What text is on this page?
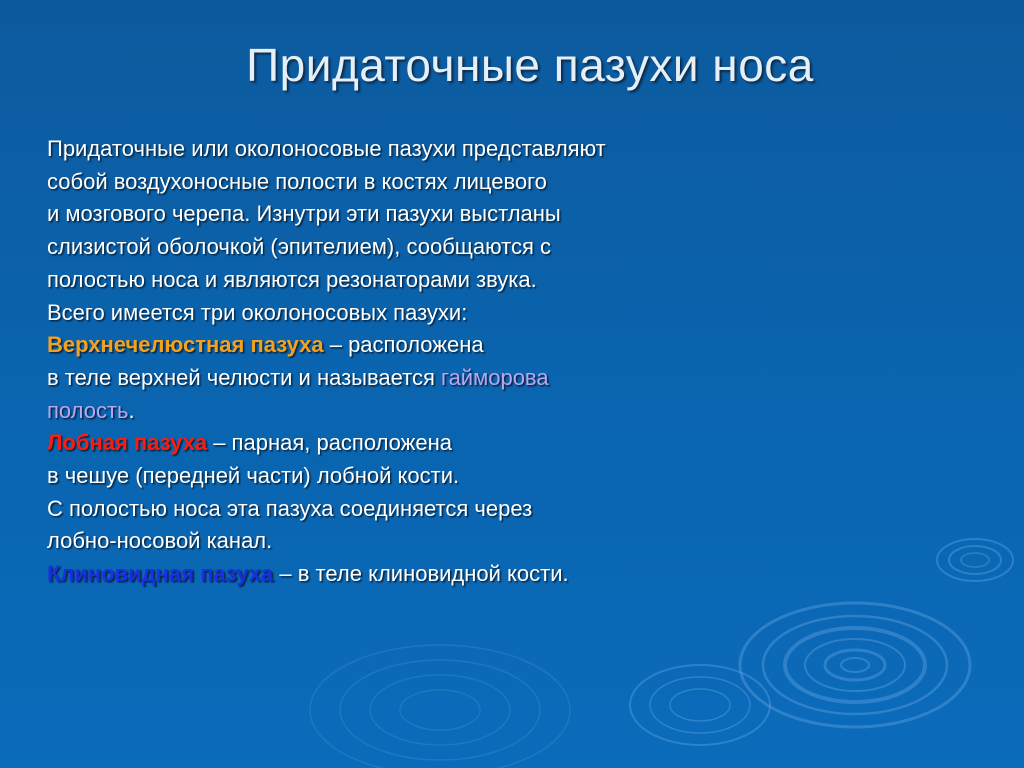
Придаточные пазухи носа
Придаточные или околоносовые пазухи представляют
собой воздухоносные полости в костях лицевого
и мозгового черепа. Изнутри эти пазухи выстланы
слизистой оболочкой (эпителием), сообщаются с
полостью носа и являются резонаторами звука.
Всего имеется три околоносовых пазухи:
Верхнечелюстная пазуха – расположена
в теле верхней челюсти и называется гайморова
полость.
Лобная пазуха – парная, расположена
в чешуе (передней части) лобной кости.
С полостью носа эта пазуха соединяется через
лобно-носовой канал.
Клиновидная пазуха – в теле клиновидной кости.
